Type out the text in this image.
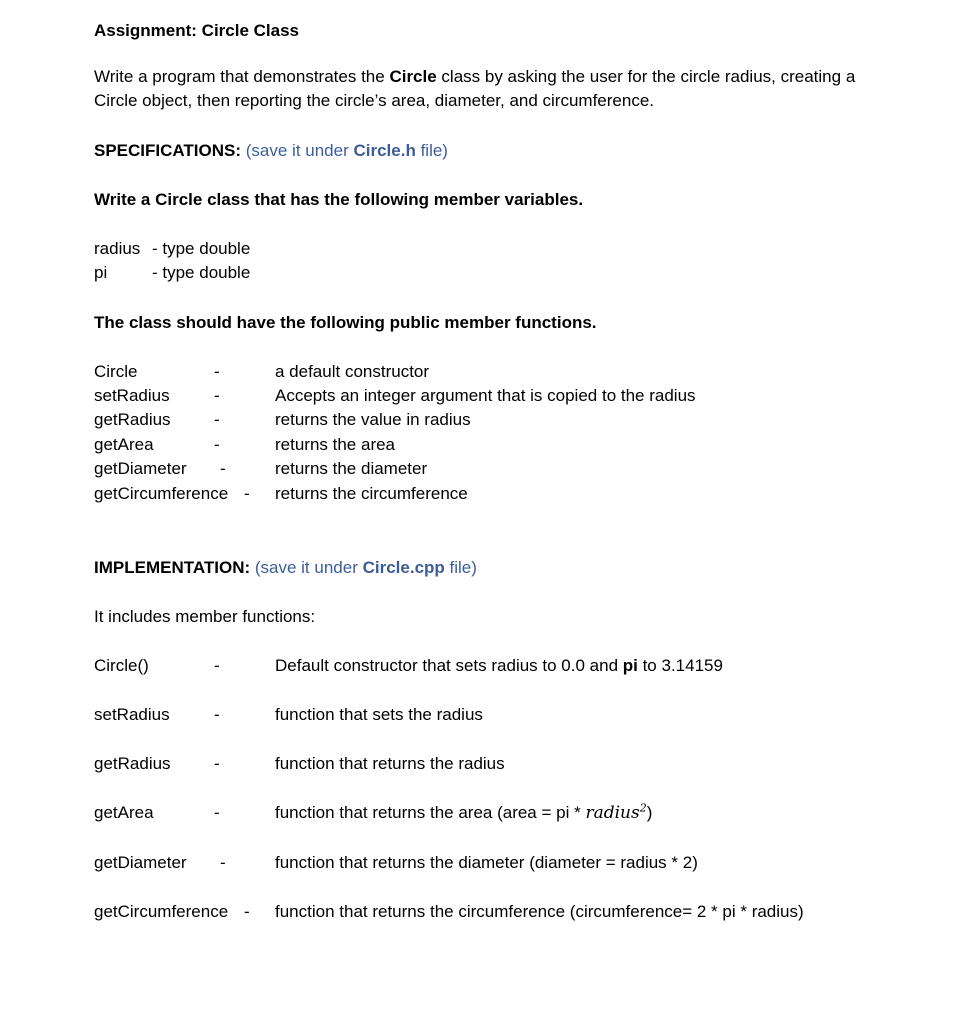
Assignment: Circle Class
Write a program that demonstrates the Circle class by asking the user for the circle radius, creating a
Circle object, then reporting the circle’s area, diameter, and circumference.
SPECIFICATIONS: (save it under Circle.h file)
Write a Circle class that has the following member variables.
radius - type double
pi	- type double
The class should have the following public member functions.
Circle	-	a default constructor
setRadius	-	Accepts an integer argument that is copied to the radius
getRadius	-	returns the value in radius
getArea	-	returns the area
getDiameter -	returns the diameter
getCircumference - returns the circumference
IMPLEMENTATION: (save it under Circle.cpp file)
It includes member functions:
Circle()	-	Default constructor that sets radius to 0.0 and pi to 3.14159
setRadius	-	function that sets the radius
getRadius	-	function that returns the radius
getArea	-	function that returns the area (area = pi * radius$^2$)
getDiameter -	function that returns the diameter (diameter = radius * 2)
getCircumference - function that returns the circumference (circumference= 2 * pi * radius)
